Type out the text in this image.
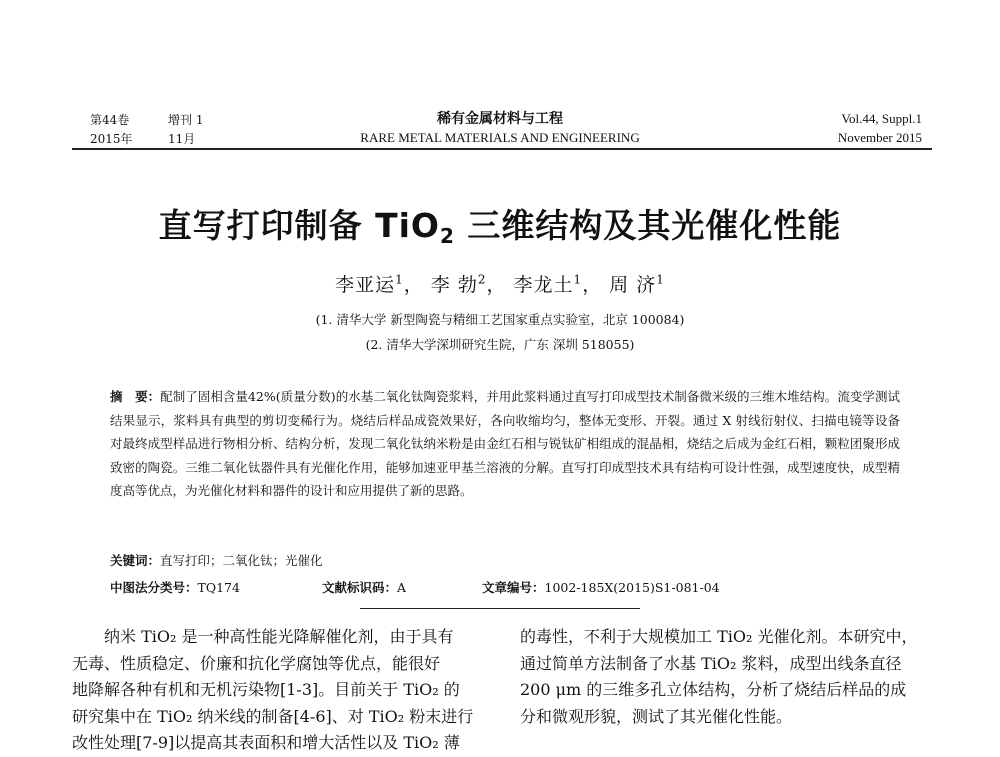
第44卷	增刊 1
2015年	11月
稀有金属材料与工程
RARE METAL MATERIALS AND ENGINEERING
Vol.44, Suppl.1
November 2015
直写打印制备 TiO$_2$ 三维结构及其光催化性能
李亚运$^1$， 李 勃$^2$， 李龙土$^1$， 周 济$^1$
(1. 清华大学 新型陶瓷与精细工艺国家重点实验室，北京 100084)
(2. 清华大学深圳研究生院，广东 深圳 518055)
摘　要：配制了固相含量42%(质量分数)的水基二氧化钛陶瓷浆料，并用此浆料通过直写打印成型技术制备微米级的三维木堆结构。流变学测试结果显示，浆料具有典型的剪切变稀行为。烧结后样品成瓷效果好，各向收缩均匀，整体无变形、开裂。通过 X 射线衍射仪、扫描电镜等设备对最终成型样品进行物相分析、结构分析，发现二氧化钛纳米粉是由金红石相与锐钛矿相组成的混晶相，烧结之后成为金红石相，颗粒团聚形成致密的陶瓷。三维二氧化钛器件具有光催化作用，能够加速亚甲基兰溶液的分解。直写打印成型技术具有结构可设计性强，成型速度快，成型精度高等优点，为光催化材料和器件的设计和应用提供了新的思路。
关键词：直写打印；二氧化钛；光催化
中图法分类号：TQ174	文献标识码：A	文章编号：1002-185X(2015)S1-081-04
　　纳米 TiO₂ 是一种高性能光降解催化剂，由于具有
无毒、性质稳定、价廉和抗化学腐蚀等优点，能很好
地降解各种有机和无机污染物[1-3]。目前关于 TiO₂ 的
研究集中在 TiO₂ 纳米线的制备[4-6]、对 TiO₂ 粉末进行
改性处理[7-9]以提高其表面积和增大活性以及 TiO₂ 薄
的毒性，不利于大规模加工 TiO₂ 光催化剂。本研究中，
通过简单方法制备了水基 TiO₂ 浆料，成型出线条直径
200 μm 的三维多孔立体结构，分析了烧结后样品的成
分和微观形貌，测试了其光催化性能。
